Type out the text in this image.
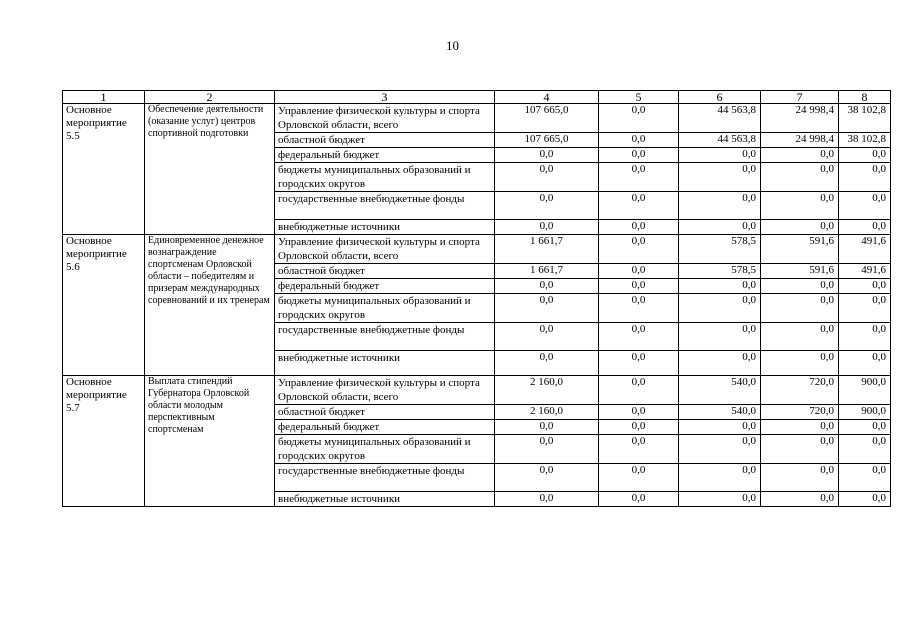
10
1	2	3	4	5	6	7	8
Основное мероприятие 5.5	Обеспечение деятельности (оказание услуг) центров спортивной подготовки	Управление физической культуры и спорта Орловской области, всего	107 665,0	0,0	44 563,8	24 998,4	38 102,8
		областной бюджет	107 665,0	0,0	44 563,8	24 998,4	38 102,8
		федеральный бюджет	0,0	0,0	0,0	0,0	0,0
		бюджеты муниципальных образований и городских округов	0,0	0,0	0,0	0,0	0,0
		государственные внебюджетные фонды	0,0	0,0	0,0	0,0	0,0
		внебюджетные источники	0,0	0,0	0,0	0,0	0,0
Основное мероприятие 5.6	Единовременное денежное вознаграждение спортсменам Орловской области – победителям и призерам международных соревнований и их тренерам	Управление физической культуры и спорта Орловской области, всего	1 661,7	0,0	578,5	591,6	491,6
		областной бюджет	1 661,7	0,0	578,5	591,6	491,6
		федеральный бюджет	0,0	0,0	0,0	0,0	0,0
		бюджеты муниципальных образований и городских округов	0,0	0,0	0,0	0,0	0,0
		государственные внебюджетные фонды	0,0	0,0	0,0	0,0	0,0
		внебюджетные источники	0,0	0,0	0,0	0,0	0,0
Основное мероприятие 5.7	Выплата стипендий Губернатора Орловской области молодым перспективным спортсменам	Управление физической культуры и спорта Орловской области, всего	2 160,0	0,0	540,0	720,0	900,0
		областной бюджет	2 160,0	0,0	540,0	720,0	900,0
		федеральный бюджет	0,0	0,0	0,0	0,0	0,0
		бюджеты муниципальных образований и городских округов	0,0	0,0	0,0	0,0	0,0
		государственные внебюджетные фонды	0,0	0,0	0,0	0,0	0,0
		внебюджетные источники	0,0	0,0	0,0	0,0	0,0
